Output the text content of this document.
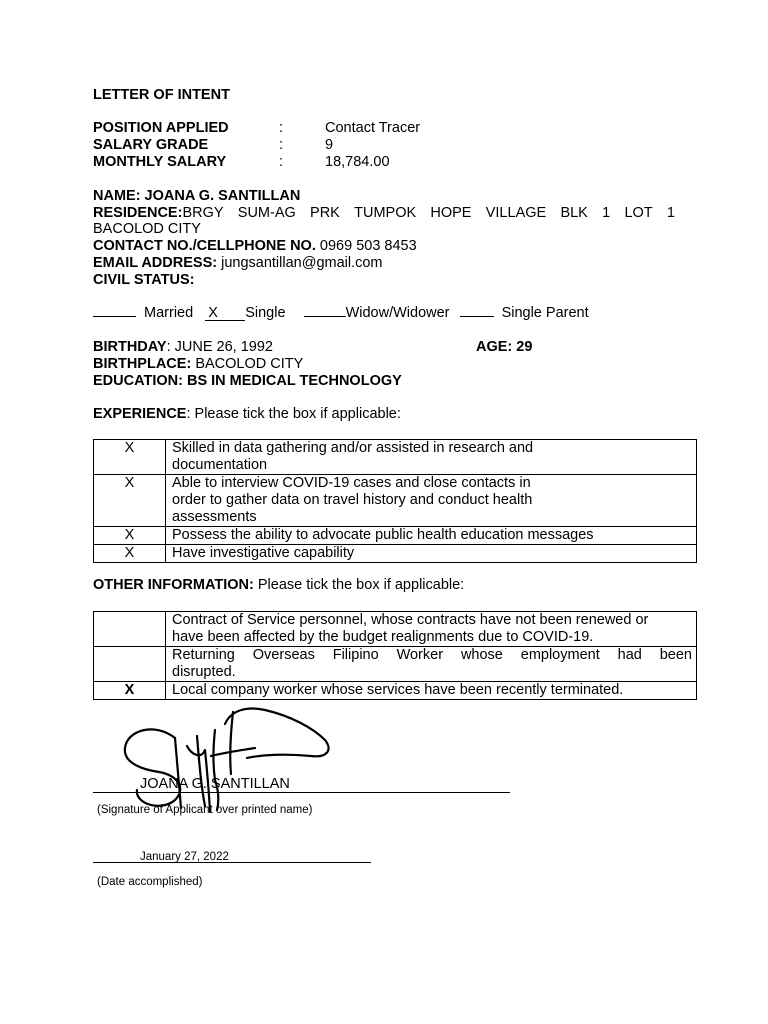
LETTER OF INTENT
POSITION APPLIED	:	Contact Tracer
SALARY GRADE	:	9
MONTHLY SALARY	:	18,784.00
NAME: JOANA G. SANTILLAN
RESIDENCE:BRGY SUM-AG PRK TUMPOK HOPE VILLAGE BLK 1 LOT 1
BACOLOD CITY
CONTACT NO./CELLPHONE NO. 0969 503 8453
EMAIL ADDRESS: jungsantillan@gmail.com
CIVIL STATUS:
Married X Single	Widow/Widower	Single Parent
BIRTHDAY: JUNE 26, 1992	AGE: 29
BIRTHPLACE: BACOLOD CITY
EDUCATION: BS IN MEDICAL TECHNOLOGY
EXPERIENCE: Please tick the box if applicable:
X	Skilled in data gathering and/or assisted in research and
documentation

X	Able to interview COVID-19 cases and close contacts in
order to gather data on travel history and conduct health
assessments

X	Possess the ability to advocate public health education messages

X	Have investigative capability
OTHER INFORMATION: Please tick the box if applicable:

	Contract of Service personnel, whose contracts have not been renewed or
have been affected by the budget realignments due to COVID-19.

	Returning Overseas Filipino Worker whose employment had been
disrupted.

X	Local company worker whose services have been recently terminated.
JOANA G. SANTILLAN
(Signature of Applicant over printed name)
January 27, 2022
(Date accomplished)
